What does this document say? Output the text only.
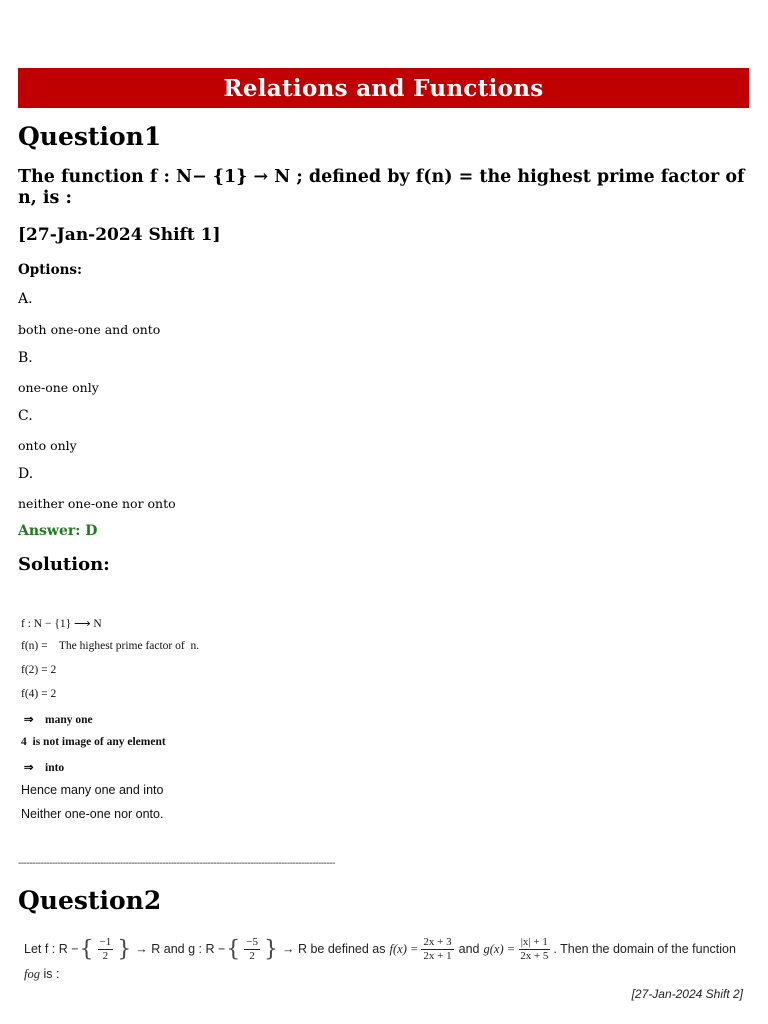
Relations and Functions
Question1

The function f : N− {1} → N ; defined by f(n) = the highest prime factor of n, is :

[27-Jan-2024 Shift 1]

Options:

A.

both one-one and onto

B.

one-one only

C.

onto only

D.

neither one-one nor onto

Answer: D

Solution:

f : N − {1} ⟶ N
f(n) =    The highest prime factor of  n.
f(2) = 2
f(4) = 2
⇒    many one
4  is not image of any element
⇒    into
Hence many one and into
Neither one-one nor onto.
----------------------------------------------------------------------------------------------------------------
Question2
Let f : R − { $\frac{-1}{2}$ } → R and g : R − { $\frac{-5}{2}$ } → R be defined as $f(x) = \frac{2x + 3}{2x + 1}$ and $g(x) = \frac{|x| + 1}{2x + 5}$ . Then the domain of the function
fog is :
[27-Jan-2024 Shift 2]
